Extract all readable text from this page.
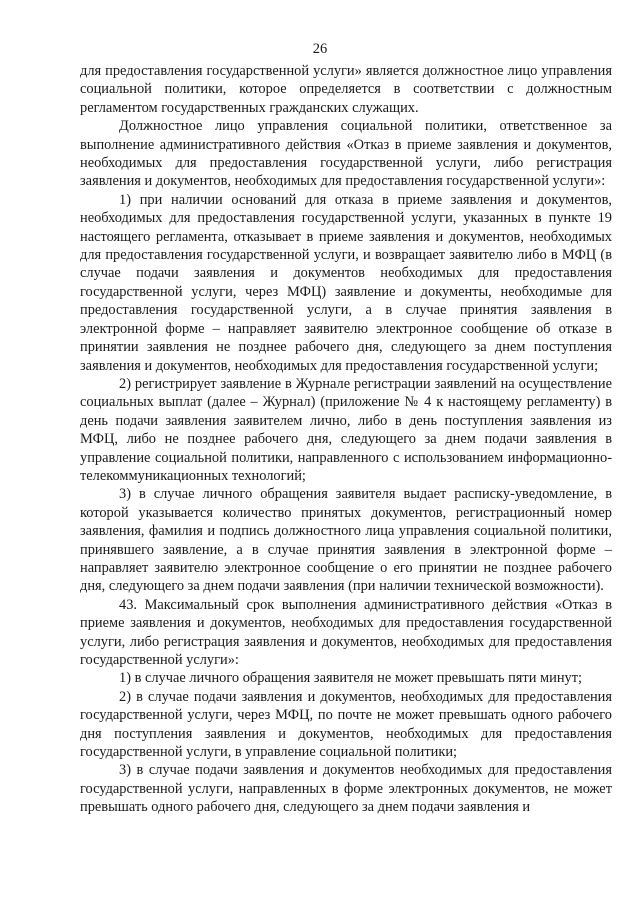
26

для предоставления государственной услуги» является должностное лицо управления социальной политики, которое определяется в соответствии с должностным регламентом государственных гражданских служащих.

Должностное лицо управления социальной политики, ответственное за выполнение административного действия «Отказ в приеме заявления и документов, необходимых для предоставления государственной услуги, либо регистрация заявления и документов, необходимых для предоставления государственной услуги»:

1) при наличии оснований для отказа в приеме заявления и документов, необходимых для предоставления государственной услуги, указанных в пункте 19 настоящего регламента, отказывает в приеме заявления и документов, необходимых для предоставления государственной услуги, и возвращает заявителю либо в МФЦ (в случае подачи заявления и документов необходимых для предоставления государственной услуги, через МФЦ) заявление и документы, необходимые для предоставления государственной услуги, а в случае принятия заявления в электронной форме – направляет заявителю электронное сообщение об отказе в принятии заявления не позднее рабочего дня, следующего за днем поступления заявления и документов, необходимых для предоставления государственной услуги;

2) регистрирует заявление в Журнале регистрации заявлений на осуществление социальных выплат (далее – Журнал) (приложение № 4 к настоящему регламенту) в день подачи заявления заявителем лично, либо в день поступления заявления из МФЦ, либо не позднее рабочего дня, следующего за днем подачи заявления в управление социальной политики, направленного с использованием информационно-телекоммуникационных технологий;

3) в случае личного обращения заявителя выдает расписку-уведомление, в которой указывается количество принятых документов, регистрационный номер заявления, фамилия и подпись должностного лица управления социальной политики, принявшего заявление, а в случае принятия заявления в электронной форме – направляет заявителю электронное сообщение о его принятии не позднее рабочего дня, следующего за днем подачи заявления (при наличии технической возможности).

43. Максимальный срок выполнения административного действия «Отказ в приеме заявления и документов, необходимых для предоставления государственной услуги, либо регистрация заявления и документов, необходимых для предоставления государственной услуги»:

1) в случае личного обращения заявителя не может превышать пяти минут;

2) в случае подачи заявления и документов, необходимых для предоставления государственной услуги, через МФЦ, по почте не может превышать одного рабочего дня поступления заявления и документов, необходимых для предоставления государственной услуги, в управление социальной политики;

3) в случае подачи заявления и документов необходимых для предоставления государственной услуги, направленных в форме электронных документов, не может превышать одного рабочего дня, следующего за днем подачи заявления и
